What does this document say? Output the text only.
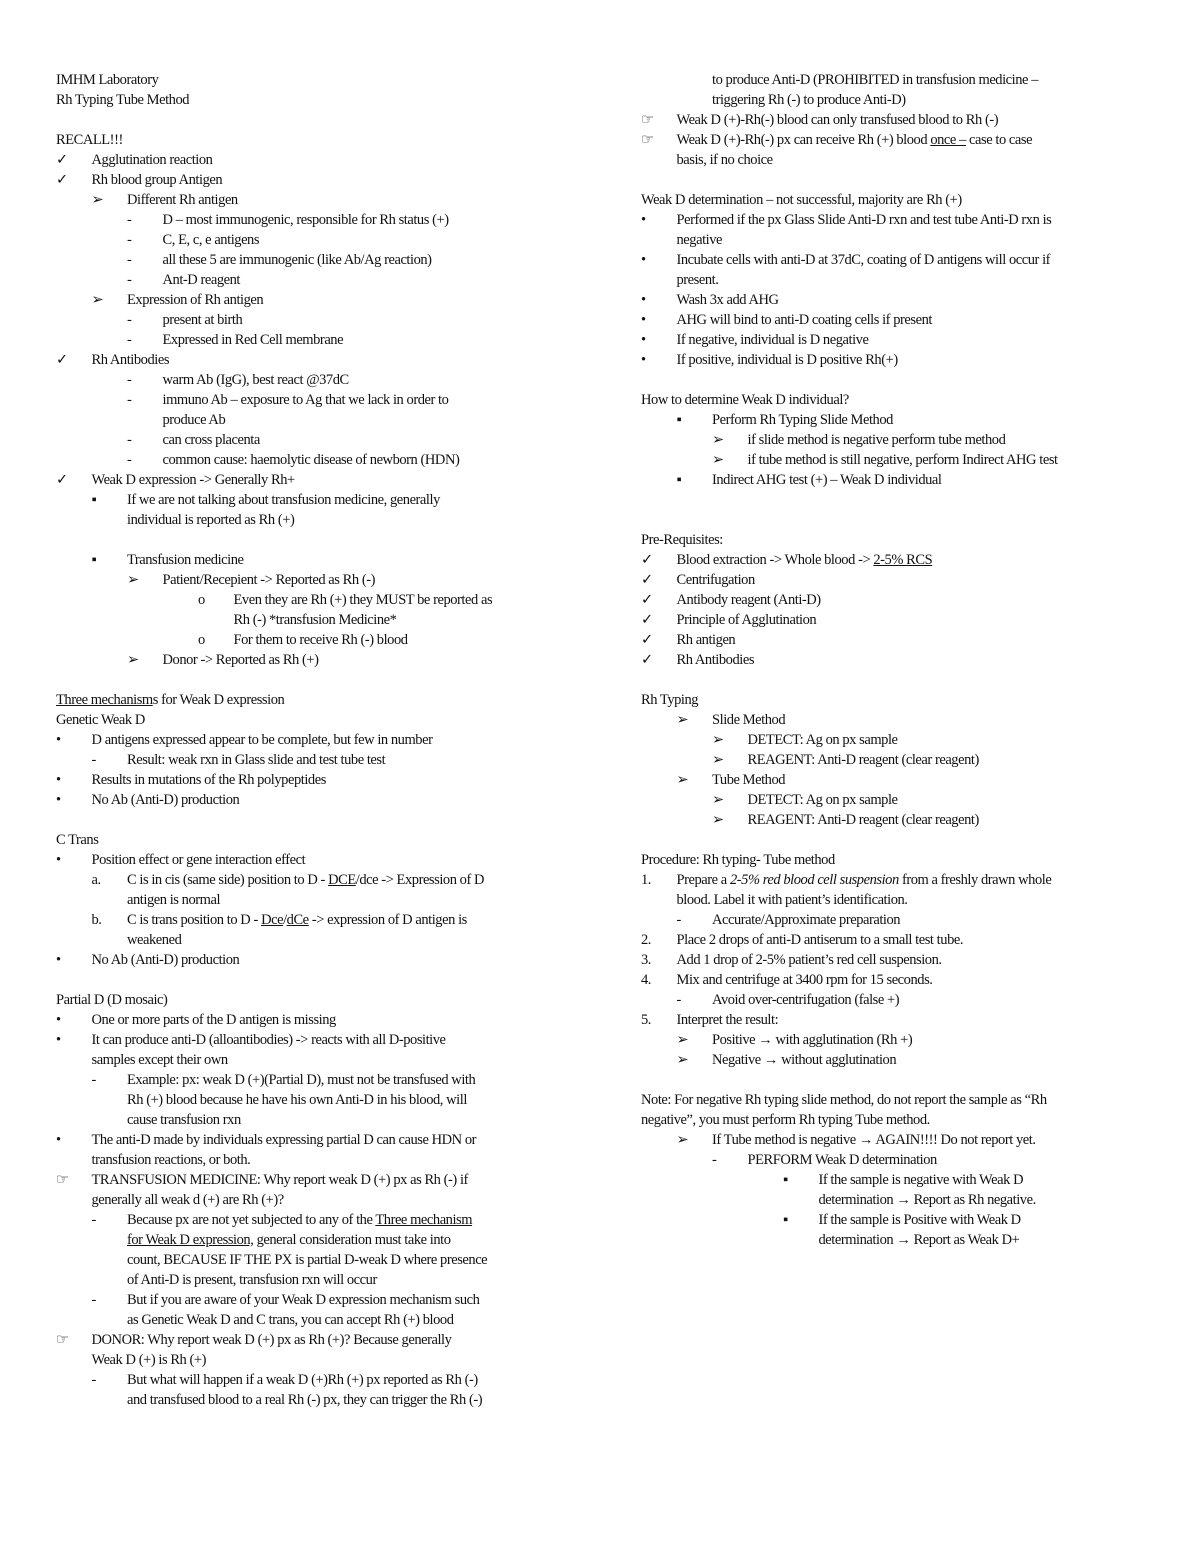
IMHM Laboratory
Rh Typing Tube Method
RECALL!!!
✓	Agglutination reaction
✓	Rh blood group Antigen
➢	Different Rh antigen
-	D – most immunogenic, responsible for Rh status (+)
-	C, E, c, e antigens
-	all these 5 are immunogenic (like Ab/Ag reaction)
-	Ant-D reagent
➢	Expression of Rh antigen
-	present at birth
-	Expressed in Red Cell membrane
✓	Rh Antibodies
-	warm Ab (IgG), best react @37dC
-	immuno Ab – exposure to Ag that we lack in order to
produce Ab
-	can cross placenta
-	common cause: haemolytic disease of newborn (HDN)
✓	Weak D expression -> Generally Rh+
▪	If we are not talking about transfusion medicine, generally
individual is reported as Rh (+)
▪	Transfusion medicine
➢	Patient/Recepient -> Reported as Rh (-)
o	Even they are Rh (+) they MUST be reported as
Rh (-) *transfusion Medicine*
o	For them to receive Rh (-) blood
➢	Donor -> Reported as Rh (+)
Three mechanisms for Weak D expression
Genetic Weak D
•	D antigens expressed appear to be complete, but few in number
-	Result: weak rxn in Glass slide and test tube test
•	Results in mutations of the Rh polypeptides
•	No Ab (Anti-D) production
C Trans
•	Position effect or gene interaction effect
a.	C is in cis (same side) position to D - DCE/dce -> Expression of D
antigen is normal
b.	C is trans position to D - Dce/dCe -> expression of D antigen is
weakened
•	No Ab (Anti-D) production
Partial D (D mosaic)
•	One or more parts of the D antigen is missing
•	It can produce anti-D (alloantibodies) -> reacts with all D-positive
samples except their own
-	Example: px: weak D (+)(Partial D), must not be transfused with
Rh (+) blood because he have his own Anti-D in his blood, will
cause transfusion rxn
•	The anti-D made by individuals expressing partial D can cause HDN or
transfusion reactions, or both.
☞	TRANSFUSION MEDICINE: Why report weak D (+) px as Rh (-) if
generally all weak d (+) are Rh (+)?
-	Because px are not yet subjected to any of the Three mechanism
for Weak D expression, general consideration must take into
count, BECAUSE IF THE PX is partial D-weak D where presence
of Anti-D is present, transfusion rxn will occur
-	But if you are aware of your Weak D expression mechanism such
as Genetic Weak D and C trans, you can accept Rh (+) blood
☞	DONOR: Why report weak D (+) px as Rh (+)? Because generally
Weak D (+) is Rh (+)
-	But what will happen if a weak D (+)Rh (+) px reported as Rh (-)
and transfused blood to a real Rh (-) px, they can trigger the Rh (-)
to produce Anti-D (PROHIBITED in transfusion medicine –
triggering Rh (-) to produce Anti-D)
☞	Weak D (+)-Rh(-) blood can only transfused blood to Rh (-)
☞	Weak D (+)-Rh(-) px can receive Rh (+) blood once – case to case
basis, if no choice
Weak D determination – not successful, majority are Rh (+)
•	Performed if the px Glass Slide Anti-D rxn and test tube Anti-D rxn is
negative
•	Incubate cells with anti-D at 37dC, coating of D antigens will occur if
present.
•	Wash 3x add AHG
•	AHG will bind to anti-D coating cells if present
•	If negative, individual is D negative
•	If positive, individual is D positive Rh(+)
How to determine Weak D individual?
▪	Perform Rh Typing Slide Method
➢	if slide method is negative perform tube method
➢	if tube method is still negative, perform Indirect AHG test
▪	Indirect AHG test (+) – Weak D individual
Pre-Requisites:
✓	Blood extraction -> Whole blood -> 2-5% RCS
✓	Centrifugation
✓	Antibody reagent (Anti-D)
✓	Principle of Agglutination
✓	Rh antigen
✓	Rh Antibodies
Rh Typing
➢	Slide Method
➢	DETECT: Ag on px sample
➢	REAGENT: Anti-D reagent (clear reagent)
➢	Tube Method
➢	DETECT: Ag on px sample
➢	REAGENT: Anti-D reagent (clear reagent)
Procedure: Rh typing- Tube method
1.	Prepare a 2-5% red blood cell suspension from a freshly drawn whole
blood. Label it with patient’s identification.
-	Accurate/Approximate preparation
2.	Place 2 drops of anti-D antiserum to a small test tube.
3.	Add 1 drop of 2-5% patient’s red cell suspension.
4.	Mix and centrifuge at 3400 rpm for 15 seconds.
-	Avoid over-centrifugation (false +)
5.	Interpret the result:
➢	Positive → with agglutination (Rh +)
➢	Negative → without agglutination
Note: For negative Rh typing slide method, do not report the sample as “Rh
negative”, you must perform Rh typing Tube method.
➢	If Tube method is negative → AGAIN!!!! Do not report yet.
-	PERFORM Weak D determination
▪	If the sample is negative with Weak D
determination → Report as Rh negative.
▪	If the sample is Positive with Weak D
determination → Report as Weak D+
